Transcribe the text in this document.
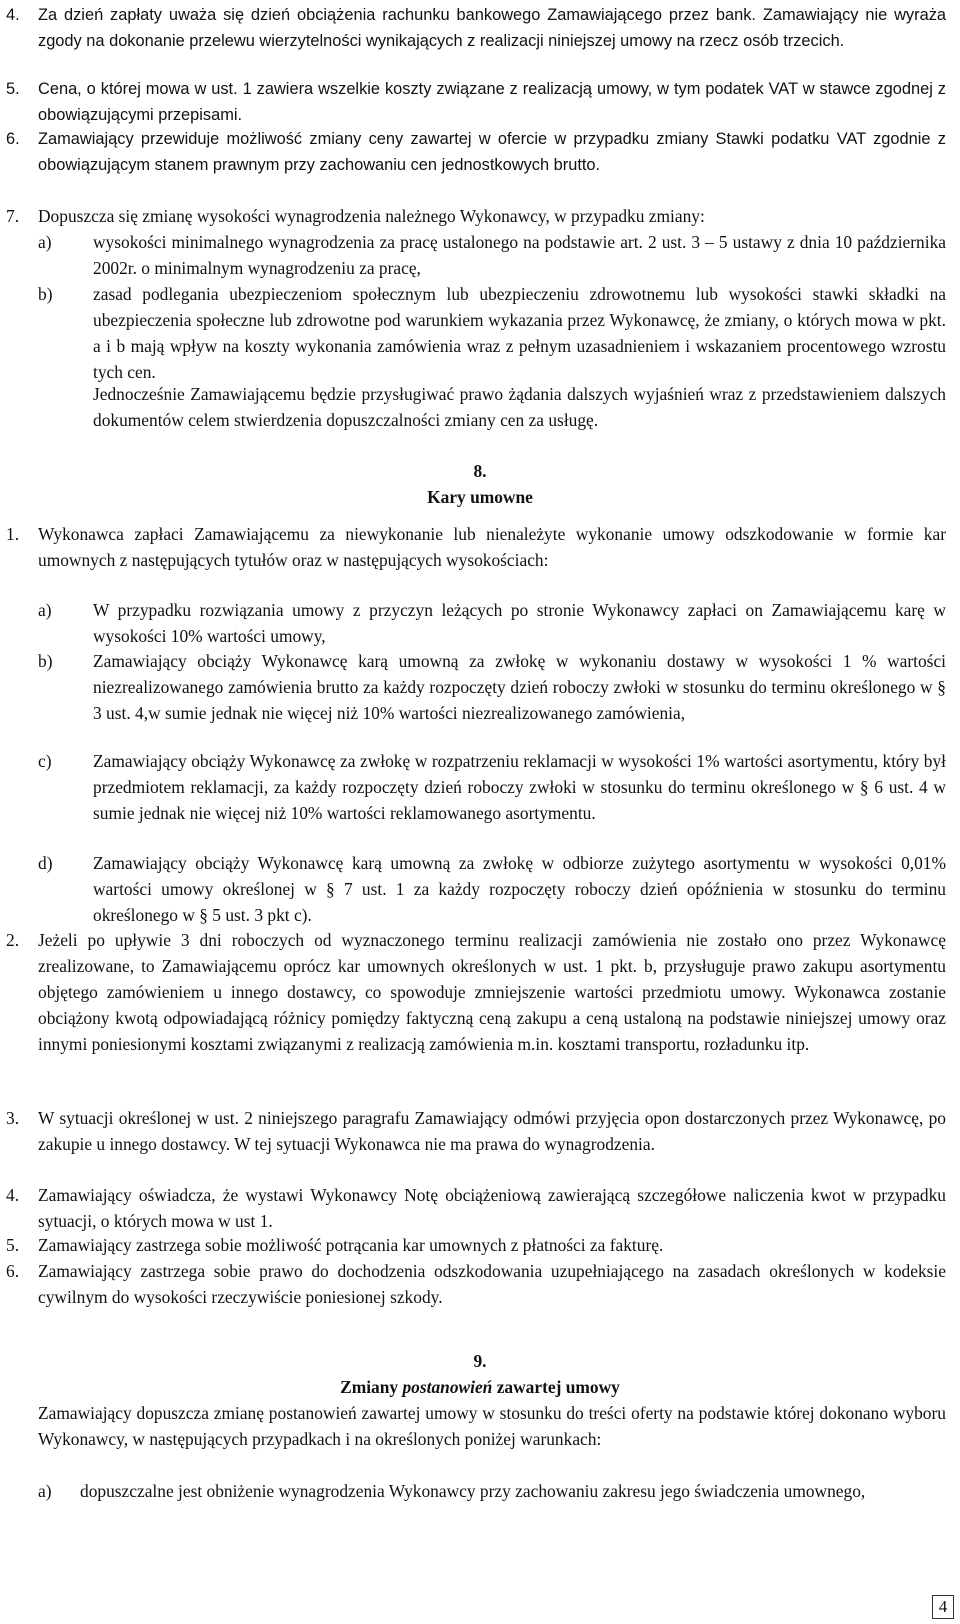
4. Za dzień zapłaty uważa się dzień obciążenia rachunku bankowego Zamawiającego przez bank. Zamawiający nie wyraża zgody na dokonanie przelewu wierzytelności wynikających z realizacji niniejszej umowy na rzecz osób trzecich.
5. Cena, o której mowa w ust. 1 zawiera wszelkie koszty związane z realizacją umowy, w tym podatek VAT w stawce zgodnej z obowiązującymi przepisami.
6. Zamawiający przewiduje możliwość zmiany ceny zawartej w ofercie w przypadku zmiany Stawki podatku VAT zgodnie z obowiązującym stanem prawnym przy zachowaniu cen jednostkowych brutto.
7. Dopuszcza się zmianę wysokości wynagrodzenia należnego Wykonawcy, w przypadku zmiany:
a) wysokości minimalnego wynagrodzenia za pracę ustalonego na podstawie art. 2 ust. 3 – 5 ustawy z dnia 10 października 2002r. o minimalnym wynagrodzeniu za pracę,
b) zasad podlegania ubezpieczeniom społecznym lub ubezpieczeniu zdrowotnemu lub wysokości stawki składki na ubezpieczenia społeczne lub zdrowotne pod warunkiem wykazania przez Wykonawcę, że zmiany, o których mowa w pkt. a i b mają wpływ na koszty wykonania zamówienia wraz z pełnym uzasadnieniem i wskazaniem procentowego wzrostu tych cen.
Jednocześnie Zamawiającemu będzie przysługiwać prawo żądania dalszych wyjaśnień wraz z przedstawieniem dalszych dokumentów celem stwierdzenia dopuszczalności zmiany cen za usługę.
8.
Kary umowne
1. Wykonawca zapłaci Zamawiającemu za niewykonanie lub nienależyte wykonanie umowy odszkodowanie w formie kar umownych z następujących tytułów oraz w następujących wysokościach:
a) W przypadku rozwiązania umowy z przyczyn leżących po stronie Wykonawcy zapłaci on Zamawiającemu karę w wysokości 10% wartości umowy,
b) Zamawiający obciąży Wykonawcę karą umowną za zwłokę w wykonaniu dostawy w wysokości 1 % wartości niezrealizowanego zamówienia brutto za każdy rozpoczęty dzień roboczy zwłoki w stosunku do terminu określonego w § 3 ust. 4,w sumie jednak nie więcej niż 10% wartości niezrealizowanego zamówienia,
c) Zamawiający obciąży Wykonawcę za zwłokę w rozpatrzeniu reklamacji w wysokości 1% wartości asortymentu, który był przedmiotem reklamacji, za każdy rozpoczęty dzień roboczy zwłoki w stosunku do terminu określonego w § 6 ust. 4 w sumie jednak nie więcej niż 10% wartości reklamowanego asortymentu.
d) Zamawiający obciąży Wykonawcę karą umowną za zwłokę w odbiorze zużytego asortymentu w wysokości 0,01% wartości umowy określonej w § 7 ust. 1 za każdy rozpoczęty roboczy dzień opóźnienia w stosunku do terminu określonego w § 5 ust. 3 pkt c).
2. Jeżeli po upływie 3 dni roboczych od wyznaczonego terminu realizacji zamówienia nie zostało ono przez Wykonawcę zrealizowane, to Zamawiającemu oprócz kar umownych określonych w ust. 1 pkt. b, przysługuje prawo zakupu asortymentu objętego zamówieniem u innego dostawcy, co spowoduje zmniejszenie wartości przedmiotu umowy. Wykonawca zostanie obciążony kwotą odpowiadającą różnicy pomiędzy faktyczną ceną zakupu a ceną ustaloną na podstawie niniejszej umowy oraz innymi poniesionymi kosztami związanymi z realizacją zamówienia m.in. kosztami transportu, rozładunku itp.
3. W sytuacji określonej w ust. 2 niniejszego paragrafu Zamawiający odmówi przyjęcia opon dostarczonych przez Wykonawcę, po zakupie u innego dostawcy. W tej sytuacji Wykonawca nie ma prawa do wynagrodzenia.
4. Zamawiający oświadcza, że wystawi Wykonawcy Notę obciążeniową zawierającą szczegółowe naliczenia kwot w przypadku sytuacji, o których mowa w ust 1.
5. Zamawiający zastrzega sobie możliwość potrącania kar umownych z płatności za fakturę.
6. Zamawiający zastrzega sobie prawo do dochodzenia odszkodowania uzupełniającego na zasadach określonych w kodeksie cywilnym do wysokości rzeczywiście poniesionej szkody.
9.
Zmiany postanowień zawartej umowy
Zamawiający dopuszcza zmianę postanowień zawartej umowy w stosunku do treści oferty na podstawie której dokonano wyboru Wykonawcy, w następujących przypadkach i na określonych poniżej warunkach:
a) dopuszczalne jest obniżenie wynagrodzenia Wykonawcy przy zachowaniu zakresu jego świadczenia umownego,
4
